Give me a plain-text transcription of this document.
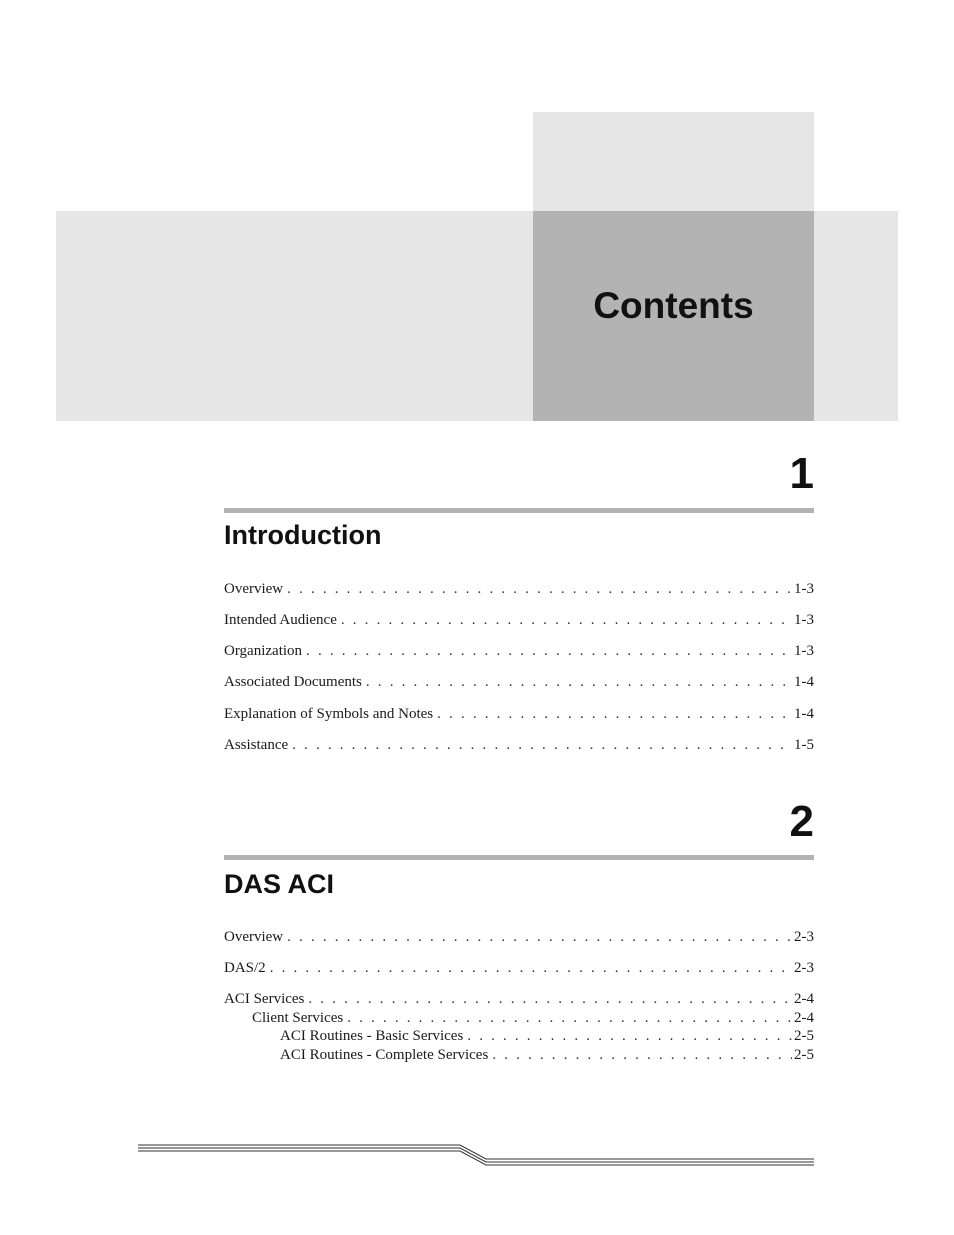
Contents
1
Introduction
Overview . . .	1-3
Intended Audience . . .	1-3
Organization . . .	1-3
Associated Documents . . .	1-4
Explanation of Symbols and Notes . . .	1-4
Assistance . . .	1-5
2
DAS ACI
Overview . . .	2-3
DAS/2 . . .	2-3
ACI Services . . .	2-4
Client Services . . .	2-4
ACI Routines - Basic Services . . .	2-5
ACI Routines - Complete Services . . .	2-5
